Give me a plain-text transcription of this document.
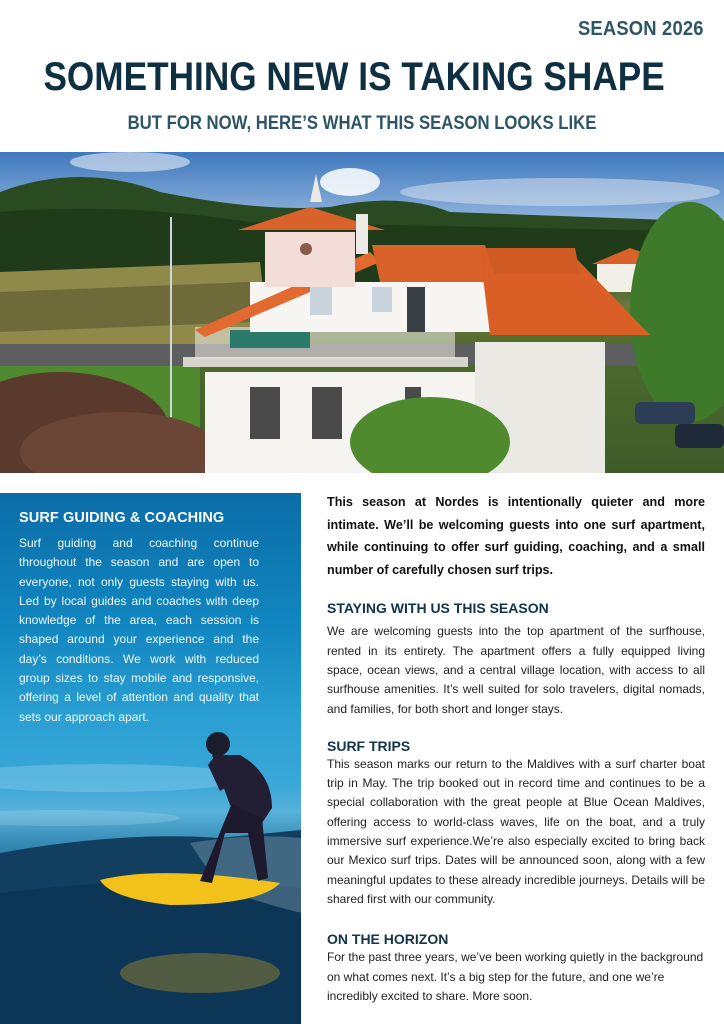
SEASON 2026
SOMETHING NEW IS TAKING SHAPE
BUT FOR NOW, HERE’S WHAT THIS SEASON LOOKS LIKE
SURF GUIDING & COACHING

Surf guiding and coaching continue throughout the season and are open to everyone, not only guests staying with us. Led by local guides and coaches with deep knowledge of the area, each session is shaped around your experience and the day’s conditions. We work with reduced group sizes to stay mobile and responsive, offering a level of attention and quality that sets our approach apart.

This season at Nordes is intentionally quieter and more intimate. We’ll be welcoming guests into one surf apartment, while continuing to offer surf guiding, coaching, and a small number of carefully chosen surf trips.

STAYING WITH US THIS SEASON

We are welcoming guests into the top apartment of the surfhouse, rented in its entirety. The apartment offers a fully equipped living space, ocean views, and a central village location, with access to all surfhouse amenities. It’s well suited for solo travelers, digital nomads, and families, for both short and longer stays.

SURF TRIPS

This season marks our return to the Maldives with a surf charter boat trip in May. The trip booked out in record time and continues to be a special collaboration with the great people at Blue Ocean Maldives, offering access to world-class waves, life on the boat, and a truly immersive surf experience.We’re also especially excited to bring back our Mexico surf trips. Dates will be announced soon, along with a few meaningful updates to these already incredible journeys. Details will be shared first with our community.

ON THE HORIZON

For the past three years, we’ve been working quietly in the background on what comes next. It’s a big step for the future, and one we’re incredibly excited to share. More soon.
